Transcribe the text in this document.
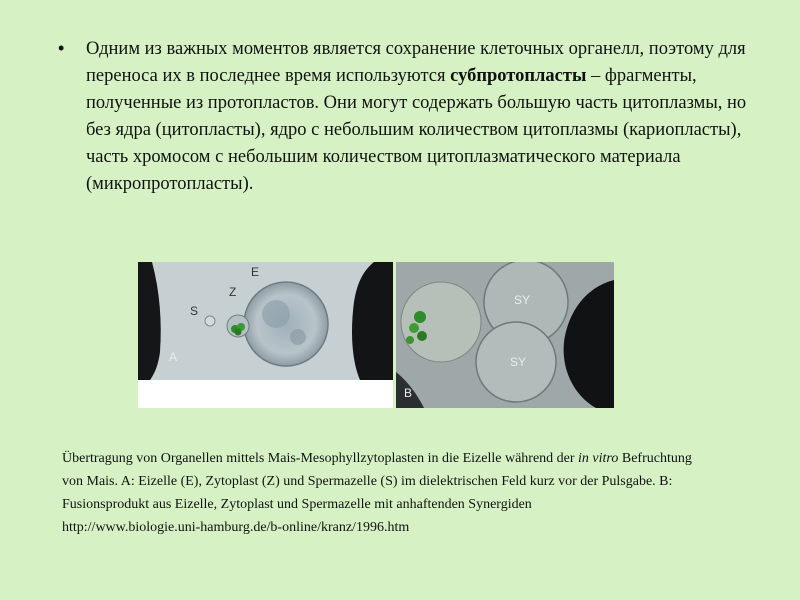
• Одним из важных моментов является сохранение клеточных органелл, поэтому для переноса их в последнее время используются субпротопласты – фрагменты, полученные из протопластов. Они могут содержать большую часть цитоплазмы, но без ядра (цитопласты), ядро с небольшим количеством цитоплазмы (кариопласты), часть хромосом с небольшим количеством цитоплазматического материала (микропротопласты).
S
Z
E
A
SY
SY
B
Übertragung von Organellen mittels Mais-Mesophyllzytoplasten in die Eizelle während der in vitro Befruchtung von Mais. A: Eizelle (E), Zytoplast (Z) und Spermazelle (S) im dielektrischen Feld kurz vor der Pulsgabe. B: Fusionsprodukt aus Eizelle, Zytoplast und Spermazelle mit anhaftenden Synergiden
http://www.biologie.uni-hamburg.de/b-online/kranz/1996.htm
